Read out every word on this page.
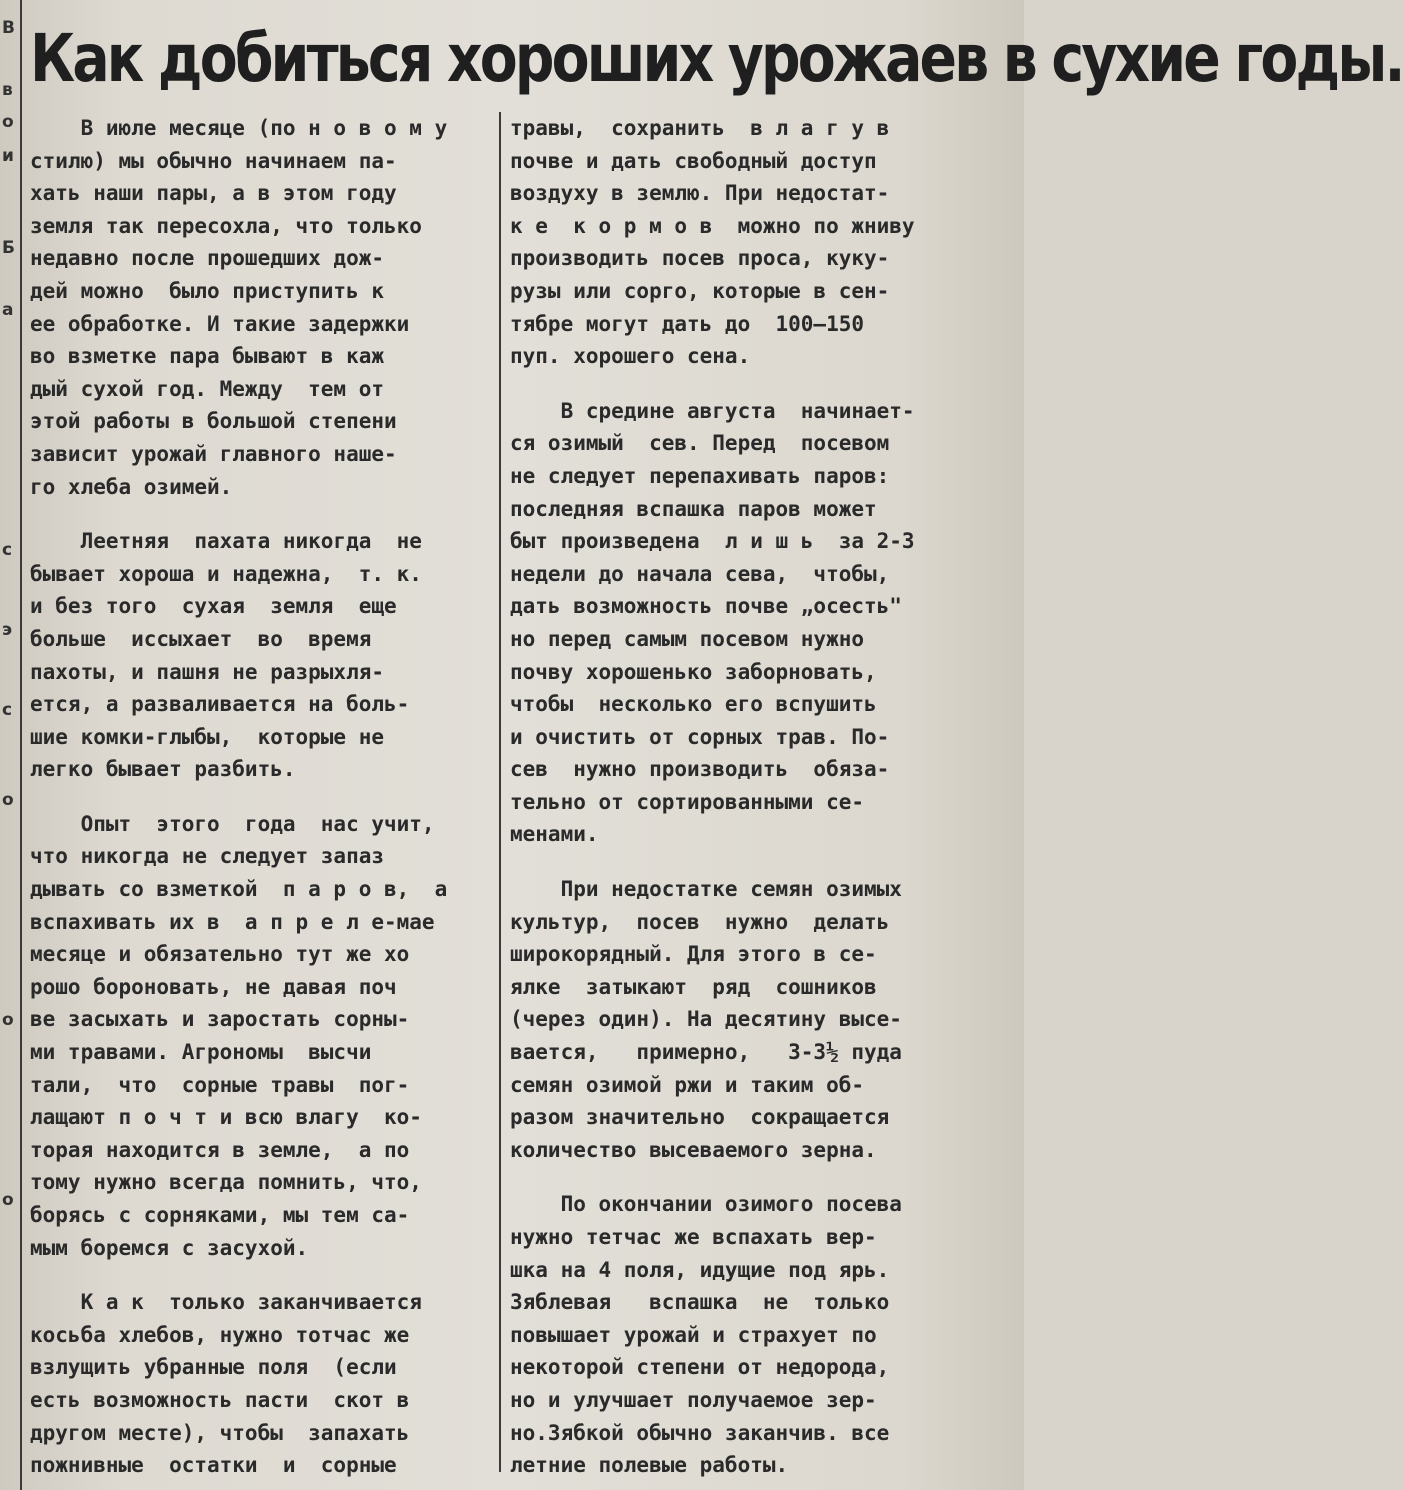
В
в
о
и
Б
а
с
э
с
о
о
о
Как добиться хороших урожаев в сухие годы.
В июле месяце (по н о в о м у
стилю) мы обычно начинаем па-
хать наши пары, а в этом году
земля так пересохла, что только
недавно после прошедших дож-
дей можно  было приступить к
ее обработке. И такие задержки
во взметке пара бывают в каж
дый сухой год. Между  тем от
этой работы в большой степени
зависит урожай главного наше-
го хлеба озимей.
Леетняя  пахата никогда  не
бывает хороша и надежна,  т. к.
и без того  сухая  земля  еще
больше  иссыхает  во  время
пахоты, и пашня не разрыхля-
ется, а разваливается на боль-
шие комки-глыбы,  которые не
легко бывает разбить.
Опыт  этого  года  нас учит,
что никогда не следует запаз
дывать со взметкой  п а р о в,  а
вспахивать их в  а п р е л е-мае
месяце и обязательно тут же хо
рошо бороновать, не давая поч
ве засыхать и заростать сорны-
ми травами. Агрономы  высчи
тали,  что  сорные травы  пог-
лащают п о ч т и всю влагу  ко-
торая находится в земле,  а по
тому нужно всегда помнить, что,
борясь с сорняками, мы тем са-
мым боремся с засухой.
К а к  только заканчивается
косьба хлебов, нужно тотчас же
взлущить убранные поля  (если
есть возможность пасти  скот в
другом месте), чтобы  запахать
пожнивные  остатки  и  сорные
травы,  сохранить  в л а г у в
почве и дать свободный доступ
воздуху в землю. При недостат-
к е  к о р м о в  можно по жниву
производить посев проса, куку-
рузы или сорго, которые в сен-
тябре могут дать до  100—150
пуп. хорошего сена.
В средине августа  начинает-
ся озимый  сев. Перед  посевом
не следует перепахивать паров:
последняя вспашка паров может
быт произведена  л и ш ь  за 2-3
недели до начала сева,  чтобы,
дать возможность почве „осесть"
но перед самым посевом нужно
почву хорошенько заборновать,
чтобы  несколько его вспушить
и очистить от сорных трав. По-
сев  нужно производить  обяза-
тельно от сортированными се-
менами.
При недостатке семян озимых
культур,  посев  нужно  делать
широкорядный. Для этого в се-
ялке  затыкают  ряд  сошников
(через один). На десятину высе-
вается,   примерно,   3-3½ пуда
семян озимой ржи и таким об-
разом значительно  сокращается
количество высеваемого зерна.
По окончании озимого посева
нужно тетчас же вспахать вер-
шка на 4 поля, идущие под ярь.
Зяблевая   вспашка  не  только
повышает урожай и страхует по
некоторой степени от недорода,
но и улучшает получаемое зер-
но.Зябкой обычно заканчив. все
летние полевые работы.
